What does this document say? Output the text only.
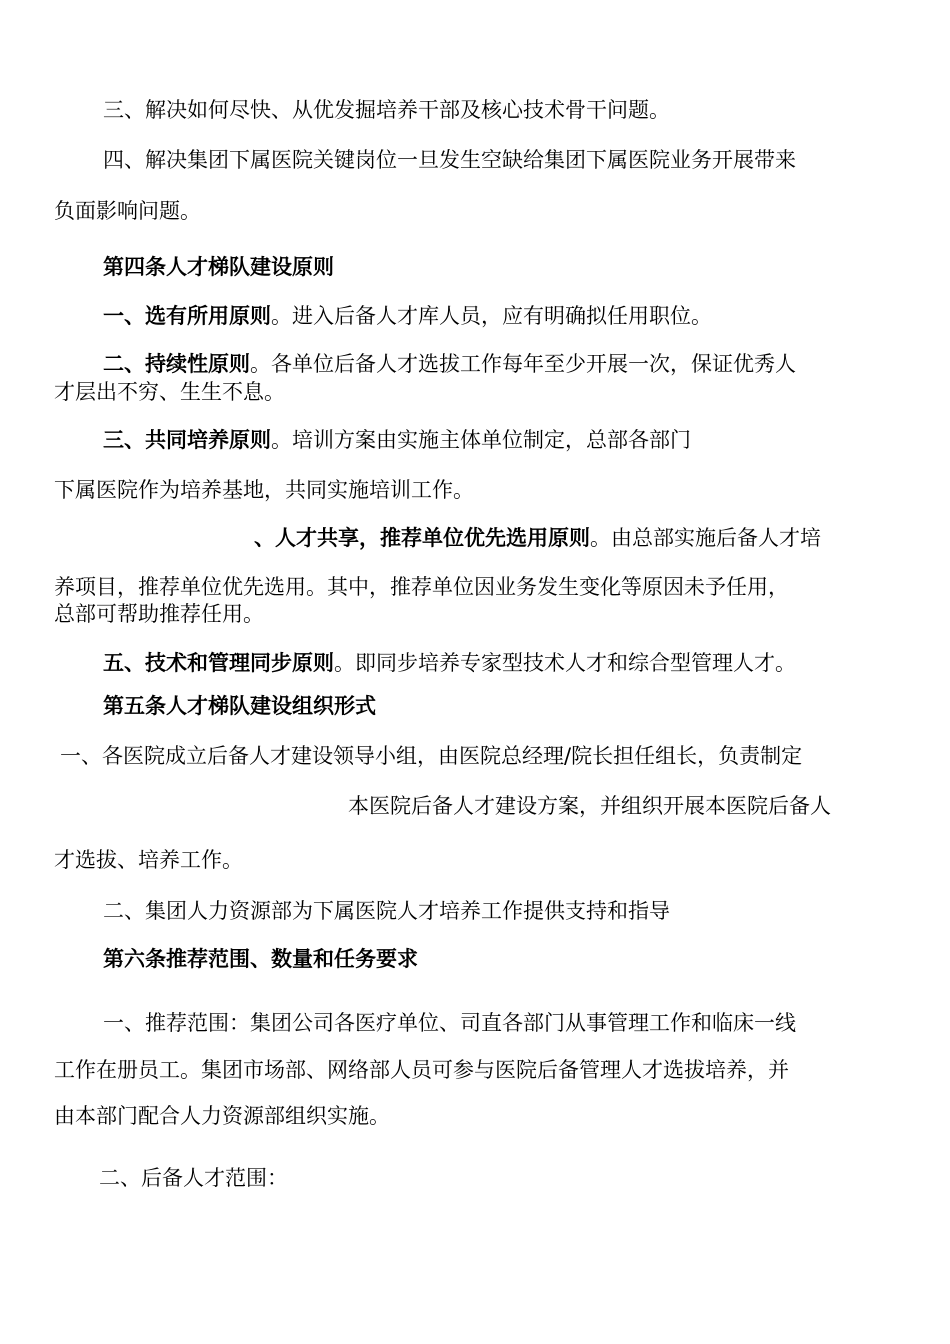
三、解决如何尽快、从优发掘培养干部及核心技术骨干问题。
四、解决集团下属医院关键岗位一旦发生空缺给集团下属医院业务开展带来
负面影响问题。
第四条人才梯队建设原则
一、选有所用原则。进入后备人才库人员，应有明确拟任用职位。
二、持续性原则。各单位后备人才选拔工作每年至少开展一次，保证优秀人
才层出不穷、生生不息。
三、共同培养原则。培训方案由实施主体单位制定，总部各部门
下属医院作为培养基地，共同实施培训工作。
、人才共享，推荐单位优先选用原则。由总部实施后备人才培
养项目，推荐单位优先选用。其中，推荐单位因业务发生变化等原因未予任用，
总部可帮助推荐任用。
五、技术和管理同步原则。即同步培养专家型技术人才和综合型管理人才。
第五条人才梯队建设组织形式
一、各医院成立后备人才建设领导小组，由医院总经理/院长担任组长，负责制定
本医院后备人才建设方案，并组织开展本医院后备人
才选拔、培养工作。
二、集团人力资源部为下属医院人才培养工作提供支持和指导
第六条推荐范围、数量和任务要求
一、推荐范围：集团公司各医疗单位、司直各部门从事管理工作和临床一线
工作在册员工。集团市场部、网络部人员可参与医院后备管理人才选拔培养，并
由本部门配合人力资源部组织实施。
二、后备人才范围：
